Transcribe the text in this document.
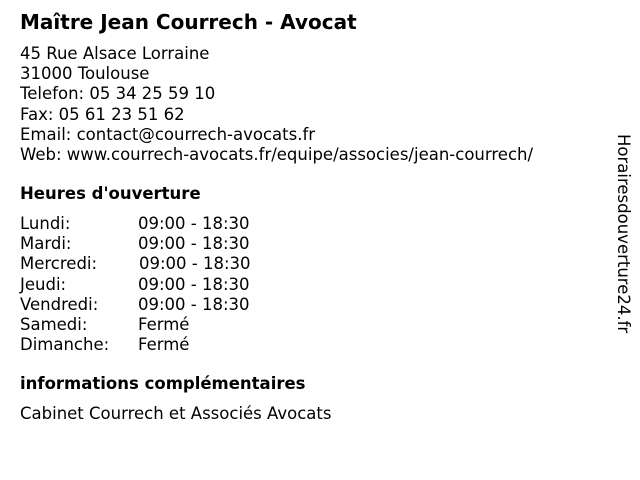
Maître Jean Courrech - Avocat
45 Rue Alsace Lorraine
31000 Toulouse
Telefon: 05 34 25 59 10
Fax: 05 61 23 51 62
Email: contact@courrech-avocats.fr
Web: www.courrech-avocats.fr/equipe/associes/jean-courrech/
Heures d'ouverture
Lundi:	09:00 - 18:30
Mardi:	09:00 - 18:30
Mercredi:	09:00 - 18:30
Jeudi:	09:00 - 18:30
Vendredi: 09:00 - 18:30
Samedi:	Fermé
Dimanche: Fermé
informations complémentaires
Cabinet Courrech et Associés Avocats
Horairesdouverture24.fr
